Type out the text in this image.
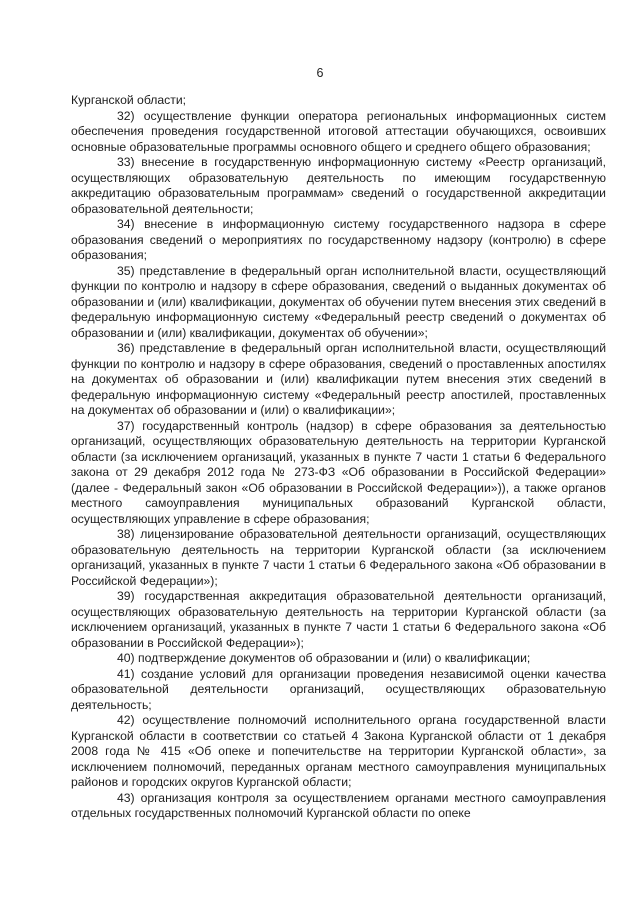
6

Курганской области;

32) осуществление функции оператора региональных информационных систем обеспечения проведения государственной итоговой аттестации обучающихся, освоивших основные образовательные программы основного общего и среднего общего образования;

33) внесение в государственную информационную систему «Реестр организаций, осуществляющих образовательную деятельность по имеющим государственную аккредитацию образовательным программам» сведений о государственной аккредитации образовательной деятельности;

34) внесение в информационную систему государственного надзора в сфере образования сведений о мероприятиях по государственному надзору (контролю) в сфере образования;

35) представление в федеральный орган исполнительной власти, осуществляющий функции по контролю и надзору в сфере образования, сведений о выданных документах об образовании и (или) квалификации, документах об обучении путем внесения этих сведений в федеральную информационную систему «Федеральный реестр сведений о документах об образовании и (или) квалификации, документах об обучении»;

36) представление в федеральный орган исполнительной власти, осуществляющий функции по контролю и надзору в сфере образования, сведений о проставленных апостилях на документах об образовании и (или) квалификации путем внесения этих сведений в федеральную информационную систему «Федеральный реестр апостилей, проставленных на документах об образовании и (или) о квалификации»;

37) государственный контроль (надзор) в сфере образования за деятельностью организаций, осуществляющих образовательную деятельность на территории Курганской области (за исключением организаций, указанных в пункте 7 части 1 статьи 6 Федерального закона от 29 декабря 2012 года № 273-ФЗ «Об образовании в Российской Федерации» (далее - Федеральный закон «Об образовании в Российской Федерации»)), а также органов местного самоуправления муниципальных образований Курганской области, осуществляющих управление в сфере образования;

38) лицензирование образовательной деятельности организаций, осуществляющих образовательную деятельность на территории Курганской области (за исключением организаций, указанных в пункте 7 части 1 статьи 6 Федерального закона «Об образовании в Российской Федерации»);

39) государственная аккредитация образовательной деятельности организаций, осуществляющих образовательную деятельность на территории Курганской области (за исключением организаций, указанных в пункте 7 части 1 статьи 6 Федерального закона «Об образовании в Российской Федерации»);

40) подтверждение документов об образовании и (или) о квалификации;

41) создание условий для организации проведения независимой оценки качества образовательной деятельности организаций, осуществляющих образовательную деятельность;

42) осуществление полномочий исполнительного органа государственной власти Курганской области в соответствии со статьей 4 Закона Курганской области от 1 декабря 2008 года № 415 «Об опеке и попечительстве на территории Курганской области», за исключением полномочий, переданных органам местного самоуправления муниципальных районов и городских округов Курганской области;

43) организация контроля за осуществлением органами местного самоуправления отдельных государственных полномочий Курганской области по опеке
